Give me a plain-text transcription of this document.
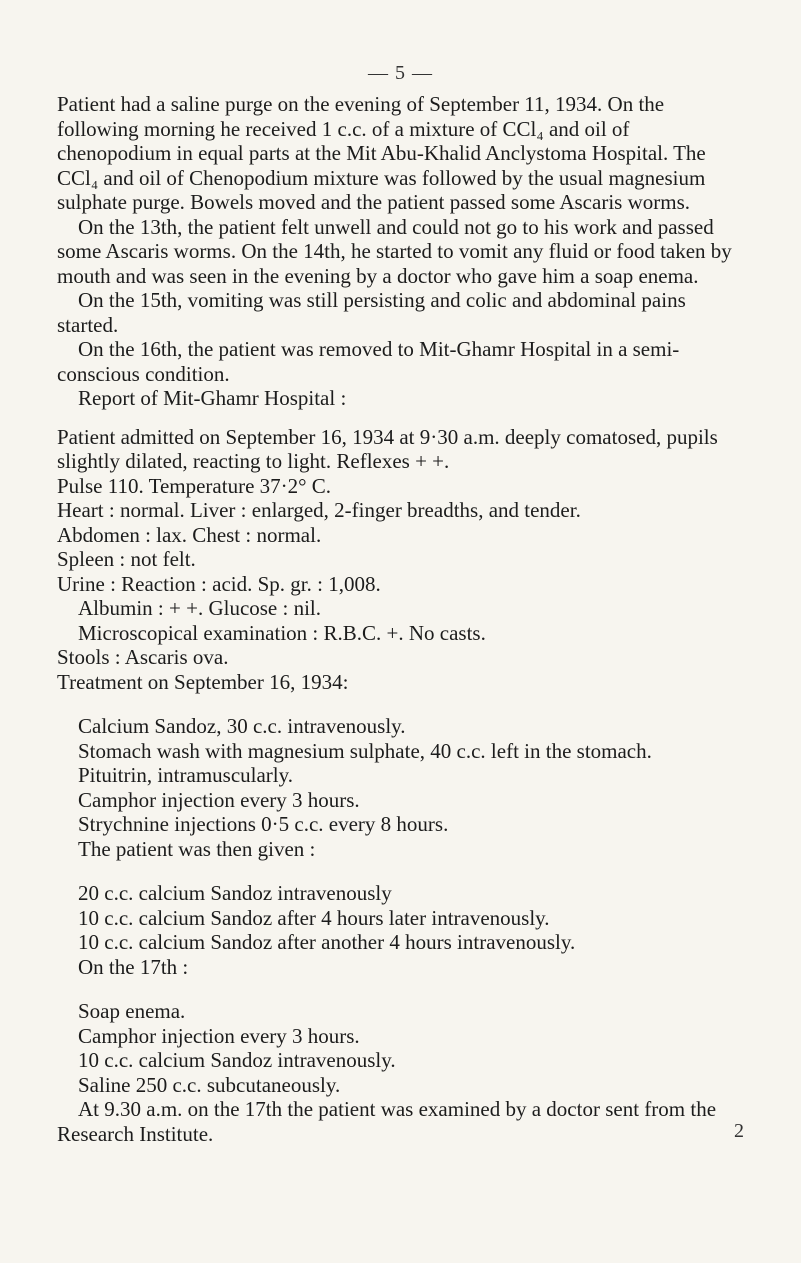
— 5 —

Patient had a saline purge on the evening of September 11, 1934. On the following morning he received 1 c.c. of a mixture of CCl₄ and oil of chenopodium in equal parts at the Mit Abu-Khalid Anclystoma Hospital. The CCl₄ and oil of Chenopodium mixture was followed by the usual magnesium sulphate purge. Bowels moved and the patient passed some Ascaris worms.

On the 13th, the patient felt unwell and could not go to his work and passed some Ascaris worms. On the 14th, he started to vomit any fluid or food taken by mouth and was seen in the evening by a doctor who gave him a soap enema.

On the 15th, vomiting was still persisting and colic and abdominal pains started.

On the 16th, the patient was removed to Mit-Ghamr Hospital in a semi-conscious condition.

Report of Mit-Ghamr Hospital :

Patient admitted on September 16, 1934 at 9·30 a.m. deeply comatosed, pupils slightly dilated, reacting to light. Reflexes + +.

Pulse 110. Temperature 37·2° C.

Heart : normal. Liver : enlarged, 2-finger breadths, and tender.

Abdomen : lax. Chest : normal.

Spleen : not felt.

Urine : Reaction : acid. Sp. gr. : 1,008.

Albumin : + +. Glucose : nil.

Microscopical examination : R.B.C. +. No casts.

Stools : Ascaris ova.

Treatment on September 16, 1934:

Calcium Sandoz, 30 c.c. intravenously.

Stomach wash with magnesium sulphate, 40 c.c. left in the stomach.

Pituitrin, intramuscularly.

Camphor injection every 3 hours.

Strychnine injections 0·5 c.c. every 8 hours.

The patient was then given :

20 c.c. calcium Sandoz intravenously

10 c.c. calcium Sandoz after 4 hours later intravenously.

10 c.c. calcium Sandoz after another 4 hours intravenously.

On the 17th :

Soap enema.

Camphor injection every 3 hours.

10 c.c. calcium Sandoz intravenously.

Saline 250 c.c. subcutaneously.

At 9.30 a.m. on the 17th the patient was examined by a doctor sent from the Research Institute.	2
